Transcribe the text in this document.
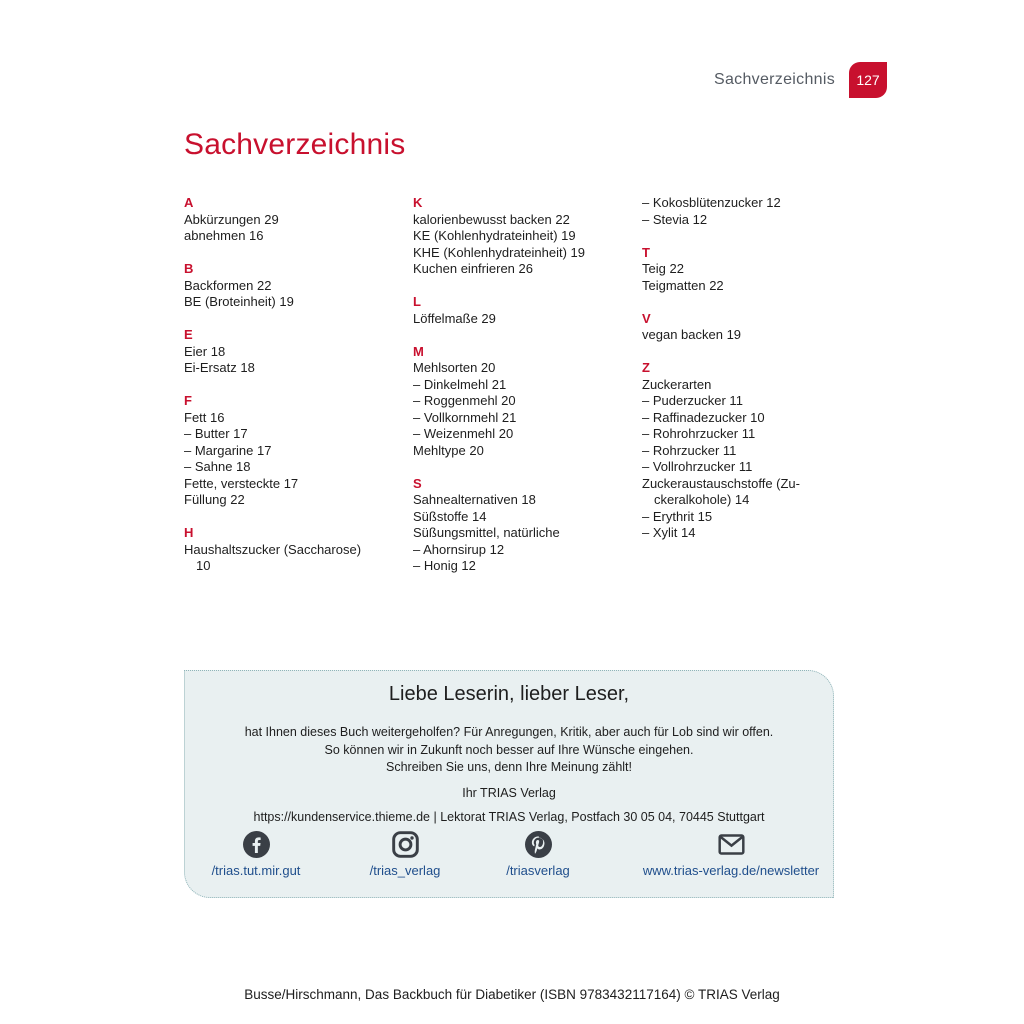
Sachverzeichnis	127
Sachverzeichnis
A
Abkürzungen 29
abnehmen 16
B
Backformen 22
BE (Broteinheit) 19
E
Eier 18
Ei-Ersatz 18
F
Fett 16
– Butter 17
– Margarine 17
– Sahne 18
Fette, versteckte 17
Füllung 22
H
Haushaltszucker (Saccharose)
10
K
kalorienbewusst backen 22
KE (Kohlenhydrateinheit) 19
KHE (Kohlenhydrateinheit) 19
Kuchen einfrieren 26
L
Löffelmaße 29
M
Mehlsorten 20
– Dinkelmehl 21
– Roggenmehl 20
– Vollkornmehl 21
– Weizenmehl 20
Mehltype 20
S
Sahnealternativen 18
Süßstoffe 14
Süßungsmittel, natürliche
– Ahornsirup 12
– Honig 12
– Kokosblütenzucker 12
– Stevia 12
T
Teig 22
Teigmatten 22
V
vegan backen 19
Z
Zuckerarten
– Puderzucker 11
– Raffinadezucker 10
– Rohrohrzucker 11
– Rohrzucker 11
– Vollrohrzucker 11
Zuckeraustauschstoffe (Zu-
ckeralkohole) 14
– Erythrit 15
– Xylit 14
Liebe Leserin, lieber Leser,
hat Ihnen dieses Buch weitergeholfen? Für Anregungen, Kritik, aber auch für Lob sind wir offen.
So können wir in Zukunft noch besser auf Ihre Wünsche eingehen.
Schreiben Sie uns, denn Ihre Meinung zählt!
Ihr TRIAS Verlag
https://kundenservice.thieme.de | Lektorat TRIAS Verlag, Postfach 30 05 04, 70445 Stuttgart
/trias.tut.mir.gut	/trias_verlag	/triasverlag	www.trias-verlag.de/newsletter
Busse/Hirschmann, Das Backbuch für Diabetiker (ISBN 9783432117164) © TRIAS Verlag
